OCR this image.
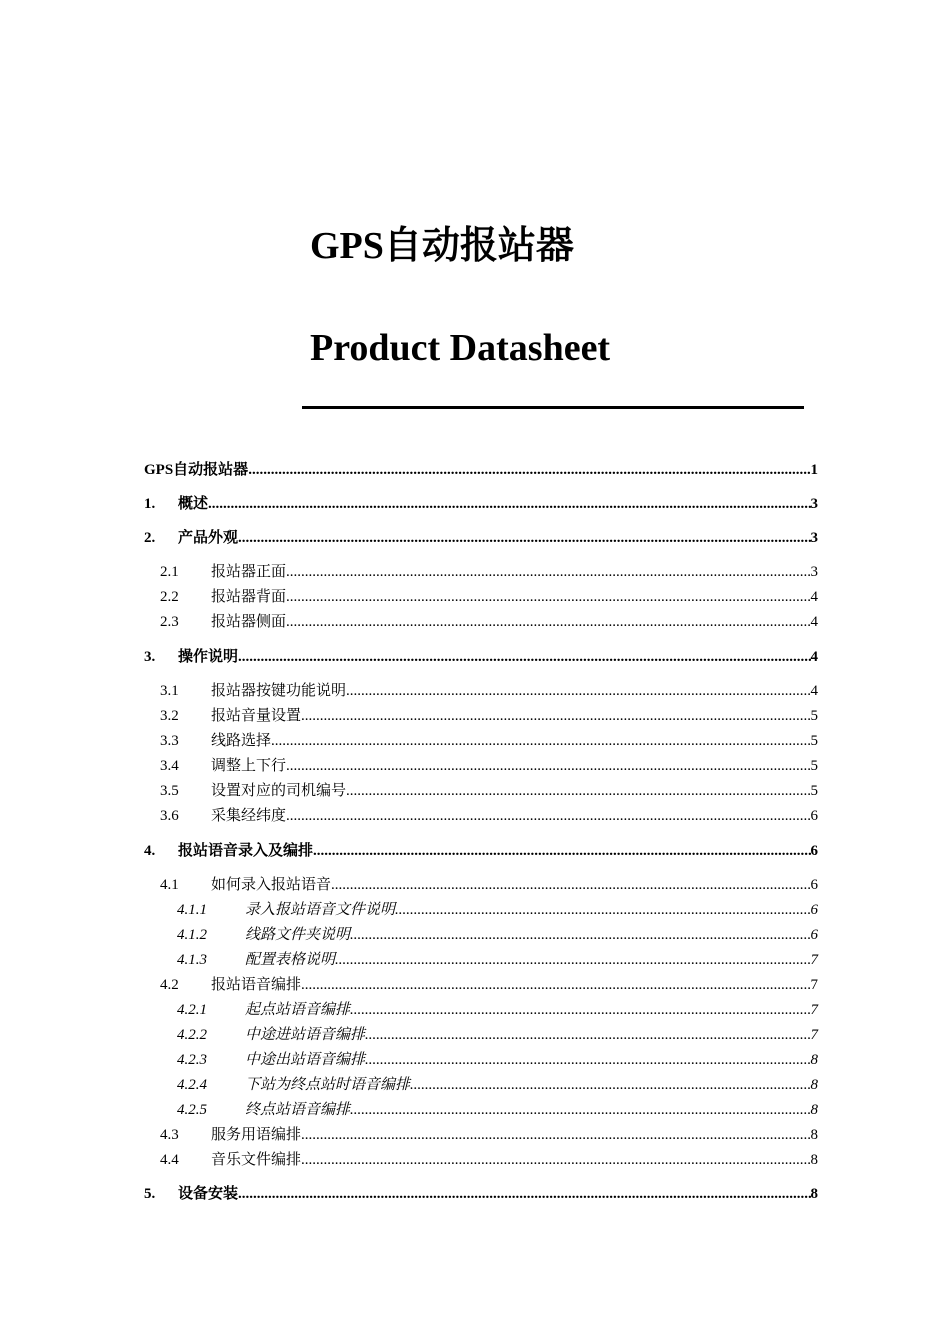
GPS自动报站器
Product Datasheet
GPS自动报站器 .....	1
1.	概述 .....	3
2.	产品外观 .....	3
2.1	报站器正面 .....	3
2.2	报站器背面 .....	4
2.3	报站器侧面 .....	4
3.	操作说明 .....	4
3.1	报站器按键功能说明 .....	4
3.2	报站音量设置 .....	5
3.3	线路选择 .....	5
3.4	调整上下行 .....	5
3.5	设置对应的司机编号 .....	5
3.6	采集经纬度 .....	6
4.	报站语音录入及编排 .....	6
4.1	如何录入报站语音 .....	6
4.1.1	录入报站语音文件说明 .....	6
4.1.2	线路文件夹说明 .....	6
4.1.3	配置表格说明 .....	7
4.2	报站语音编排 .....	7
4.2.1	起点站语音编排 .....	7
4.2.2	中途进站语音编排 .....	7
4.2.3	中途出站语音编排 .....	8
4.2.4	下站为终点站时语音编排 .....	8
4.2.5	终点站语音编排 .....	8
4.3	服务用语编排 .....	8
4.4	音乐文件编排 .....	8
5.	设备安装 .....	8
